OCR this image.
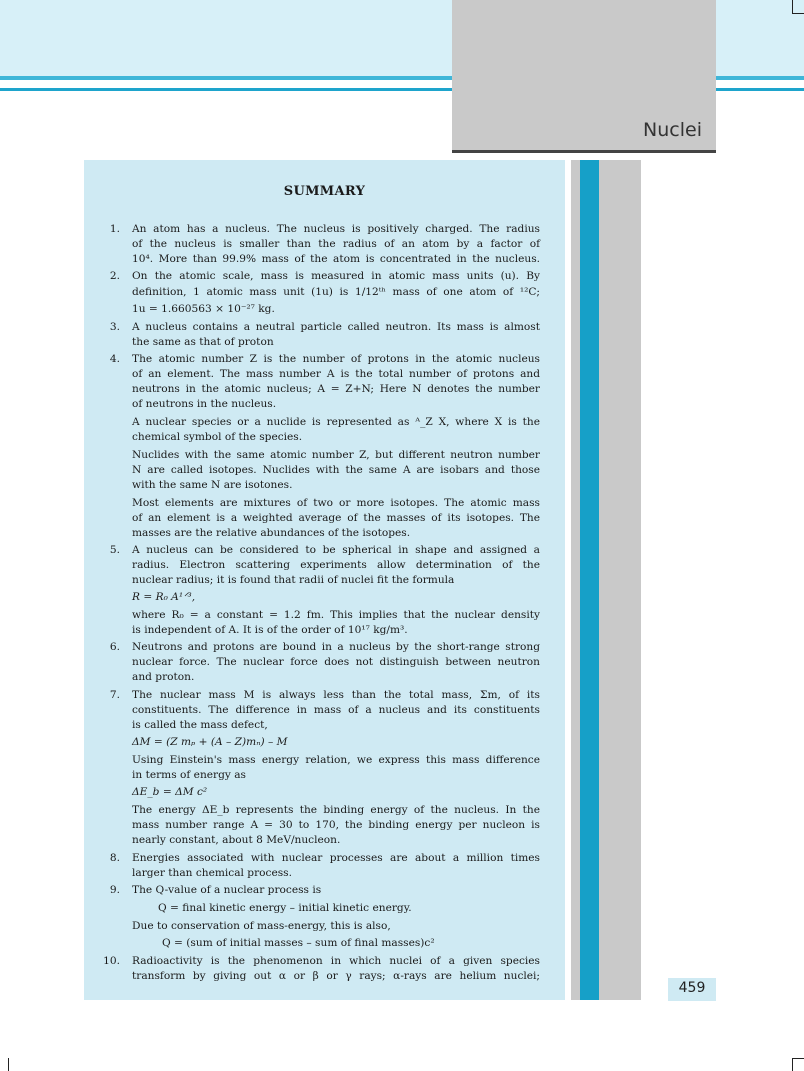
Nuclei
SUMMARY
1.
2.
3.
4.
5.
6.
7.
8.
9.
10.
An atom has a nucleus. The nucleus is positively charged. The radius
of the nucleus is smaller than the radius of an atom by a factor of
10⁴. More than 99.9% mass of the atom is concentrated in the nucleus.
On the atomic scale, mass is measured in atomic mass units (u). By
definition, 1 atomic mass unit (1u) is 1/12ᵗʰ mass of one atom of ¹²C;
1u = 1.660563 × 10⁻²⁷ kg.
A nucleus contains a neutral particle called neutron. Its mass is almost
the same as that of proton
The atomic number Z is the number of protons in the atomic nucleus
of an element. The mass number A is the total number of protons and
neutrons in the atomic nucleus; A = Z+N; Here N denotes the number
of neutrons in the nucleus.
A nuclear species or a nuclide is represented as ᴬ_Z X, where X is the
chemical symbol of the species.
Nuclides with the same atomic number Z, but different neutron number
N are called isotopes. Nuclides with the same A are isobars and those
with the same N are isotones.
Most elements are mixtures of two or more isotopes. The atomic mass
of an element is a weighted average of the masses of its isotopes. The
masses are the relative abundances of the isotopes.
A nucleus can be considered to be spherical in shape and assigned a
radius. Electron scattering experiments allow determination of the
nuclear radius; it is found that radii of nuclei fit the formula
R = R₀ A¹ᐟ³,
where R₀ = a constant = 1.2 fm. This implies that the nuclear density
is independent of A. It is of the order of 10¹⁷ kg/m³.
Neutrons and protons are bound in a nucleus by the short-range strong
nuclear force. The nuclear force does not distinguish between neutron
and proton.
The nuclear mass M is always less than the total mass, Σm, of its
constituents. The difference in mass of a nucleus and its constituents
is called the mass defect,
ΔM = (Z mₚ + (A – Z)mₙ) – M
Using Einstein's mass energy relation, we express this mass difference
in terms of energy as
ΔE_b = ΔM c²
The energy ΔE_b represents the binding energy of the nucleus. In the
mass number range A = 30 to 170, the binding energy per nucleon is
nearly constant, about 8 MeV/nucleon.
Energies associated with nuclear processes are about a million times
larger than chemical process.
The Q-value of a nuclear process is
Q = final kinetic energy – initial kinetic energy.
Due to conservation of mass-energy, this is also,
Q = (sum of initial masses – sum of final masses)c²
Radioactivity is the phenomenon in which nuclei of a given species
transform by giving out α or β or γ rays; α-rays are helium nuclei;
459
